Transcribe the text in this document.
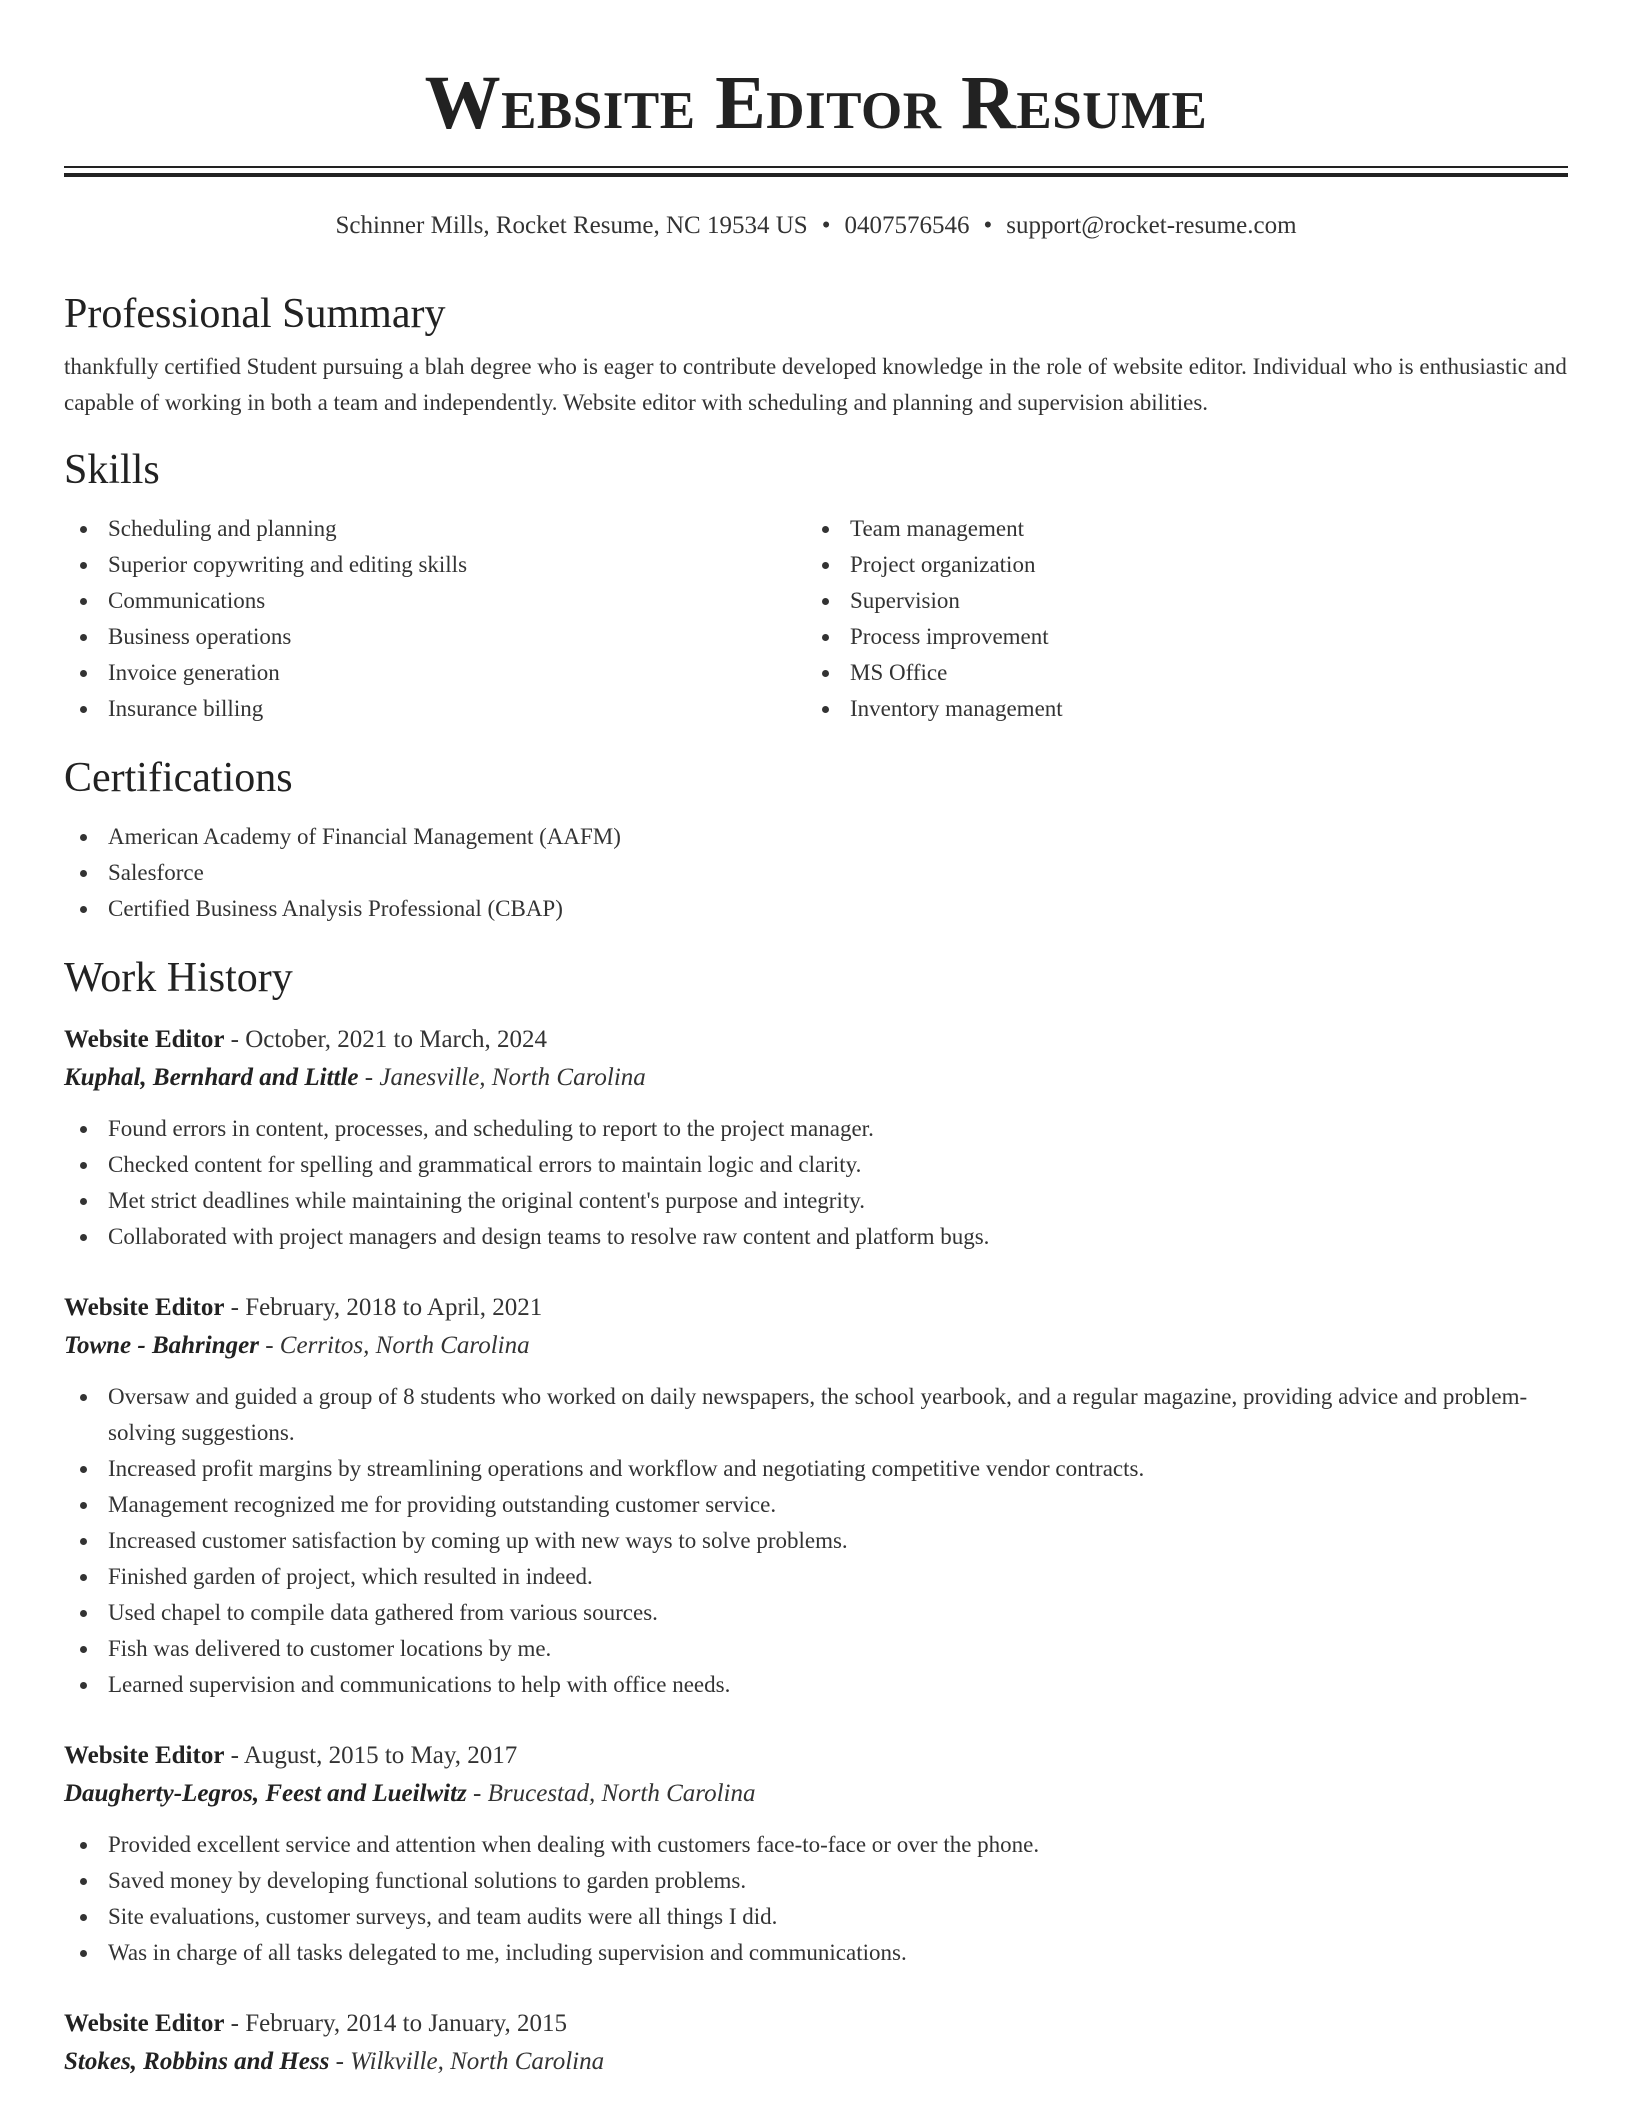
Website Editor Resume
Schinner Mills, Rocket Resume, NC 19534 US • 0407576546 • support@rocket-resume.com
Professional Summary

thankfully certified Student pursuing a blah degree who is eager to contribute developed knowledge in the role of website editor. Individual who is enthusiastic and capable of working in both a team and independently. Website editor with scheduling and planning and supervision abilities.

Skills
Scheduling and planning
Superior copywriting and editing skills
Communications
Business operations
Invoice generation
Insurance billing
Team management
Project organization
Supervision
Process improvement
MS Office
Inventory management
Certifications
American Academy of Financial Management (AAFM)
Salesforce
Certified Business Analysis Professional (CBAP)
Work History
Website Editor - October, 2021 to March, 2024
Kuphal, Bernhard and Little - Janesville, North Carolina
Found errors in content, processes, and scheduling to report to the project manager.
Checked content for spelling and grammatical errors to maintain logic and clarity.
Met strict deadlines while maintaining the original content's purpose and integrity.
Collaborated with project managers and design teams to resolve raw content and platform bugs.
Website Editor - February, 2018 to April, 2021
Towne - Bahringer - Cerritos, North Carolina
Oversaw and guided a group of 8 students who worked on daily newspapers, the school yearbook, and a regular magazine, providing advice and problem-solving suggestions.
Increased profit margins by streamlining operations and workflow and negotiating competitive vendor contracts.
Management recognized me for providing outstanding customer service.
Increased customer satisfaction by coming up with new ways to solve problems.
Finished garden of project, which resulted in indeed.
Used chapel to compile data gathered from various sources.
Fish was delivered to customer locations by me.
Learned supervision and communications to help with office needs.
Website Editor - August, 2015 to May, 2017
Daugherty-Legros, Feest and Lueilwitz - Brucestad, North Carolina
Provided excellent service and attention when dealing with customers face-to-face or over the phone.
Saved money by developing functional solutions to garden problems.
Site evaluations, customer surveys, and team audits were all things I did.
Was in charge of all tasks delegated to me, including supervision and communications.
Website Editor - February, 2014 to January, 2015
Stokes, Robbins and Hess - Wilkville, North Carolina
